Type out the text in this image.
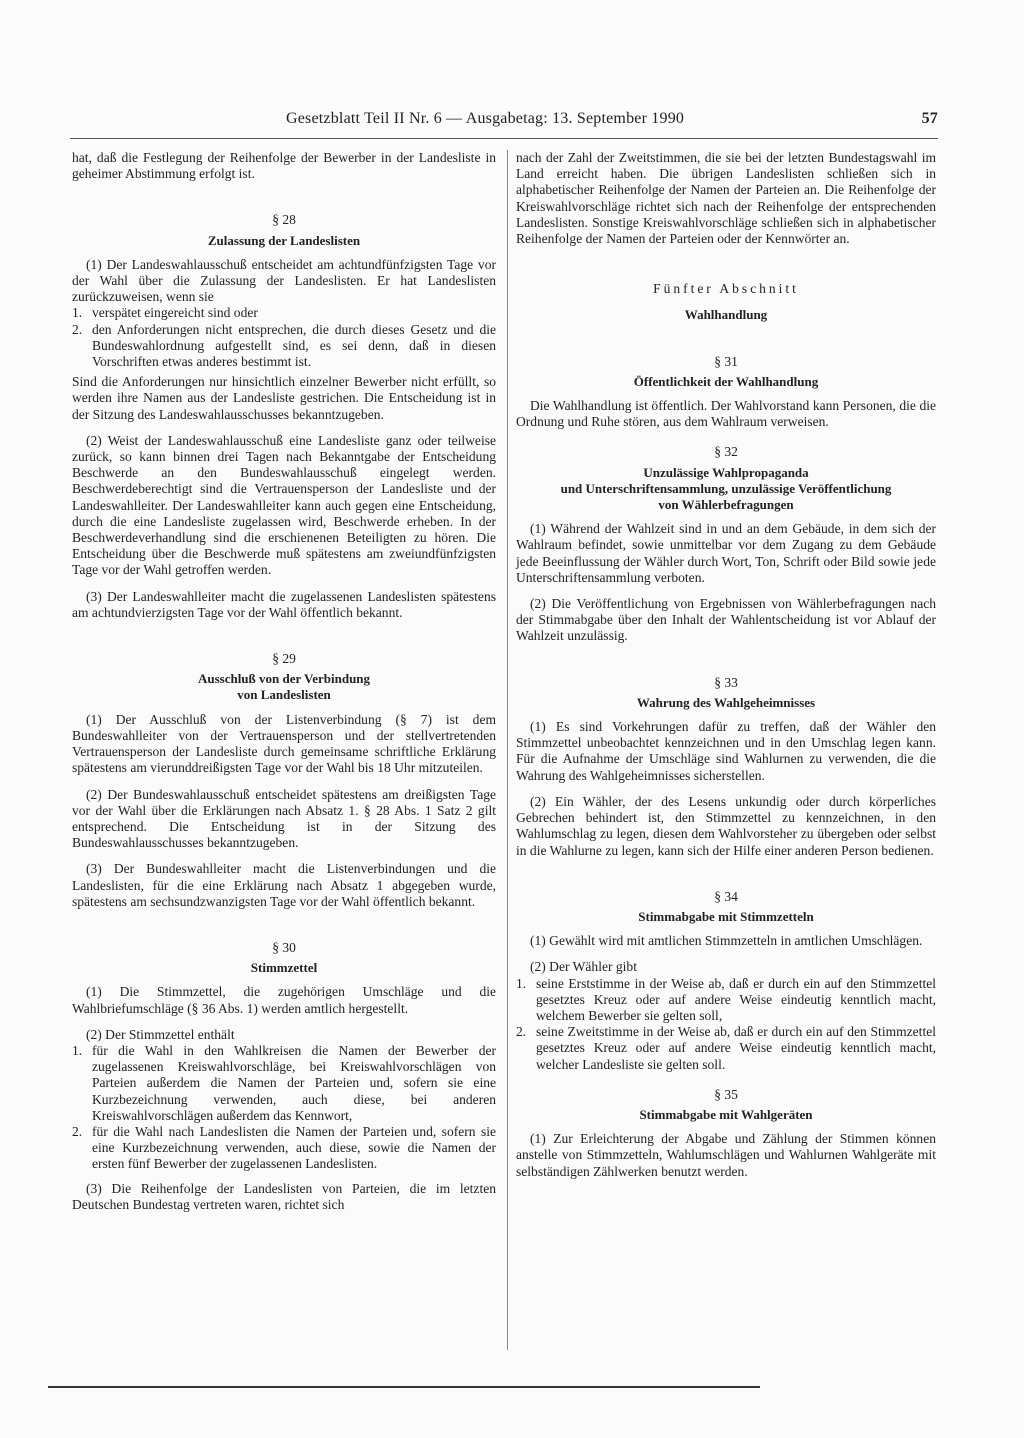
Gesetzblatt Teil II Nr. 6 — Ausgabetag: 13. September 1990	57

hat, daß die Festlegung der Reihenfolge der Bewerber in der Landesliste in geheimer Abstimmung erfolgt ist.

§ 28
Zulassung der Landeslisten

(1) Der Landeswahlausschuß entscheidet am achtundfünfzigsten Tage vor der Wahl über die Zulassung der Landeslisten. Er hat Landeslisten zurückzuweisen, wenn sie

1. verspätet eingereicht sind oder
2. den Anforderungen nicht entsprechen, die durch dieses Gesetz und die Bundeswahlordnung aufgestellt sind, es sei denn, daß in diesen Vorschriften etwas anderes bestimmt ist.

Sind die Anforderungen nur hinsichtlich einzelner Bewerber nicht erfüllt, so werden ihre Namen aus der Landesliste gestrichen. Die Entscheidung ist in der Sitzung des Landeswahlausschusses bekanntzugeben.

(2) Weist der Landeswahlausschuß eine Landesliste ganz oder teilweise zurück, so kann binnen drei Tagen nach Bekanntgabe der Entscheidung Beschwerde an den Bundeswahlausschuß eingelegt werden. Beschwerdeberechtigt sind die Vertrauensperson der Landesliste und der Landeswahlleiter. Der Landeswahlleiter kann auch gegen eine Entscheidung, durch die eine Landesliste zugelassen wird, Beschwerde erheben. In der Beschwerdeverhandlung sind die erschienenen Beteiligten zu hören. Die Entscheidung über die Beschwerde muß spätestens am zweiundfünfzigsten Tage vor der Wahl getroffen werden.

(3) Der Landeswahlleiter macht die zugelassenen Landeslisten spätestens am achtundvierzigsten Tage vor der Wahl öffentlich bekannt.

§ 29
Ausschluß von der Verbindung
von Landeslisten

(1) Der Ausschluß von der Listenverbindung (§ 7) ist dem Bundeswahlleiter von der Vertrauensperson und der stellvertretenden Vertrauensperson der Landesliste durch gemeinsame schriftliche Erklärung spätestens am vierunddreißigsten Tage vor der Wahl bis 18 Uhr mitzuteilen.

(2) Der Bundeswahlausschuß entscheidet spätestens am dreißigsten Tage vor der Wahl über die Erklärungen nach Absatz 1. § 28 Abs. 1 Satz 2 gilt entsprechend. Die Entscheidung ist in der Sitzung des Bundeswahlausschusses bekanntzugeben.

(3) Der Bundeswahlleiter macht die Listenverbindungen und die Landeslisten, für die eine Erklärung nach Absatz 1 abgegeben wurde, spätestens am sechsundzwanzigsten Tage vor der Wahl öffentlich bekannt.

§ 30
Stimmzettel

(1) Die Stimmzettel, die zugehörigen Umschläge und die Wahlbriefumschläge (§ 36 Abs. 1) werden amtlich hergestellt.

(2) Der Stimmzettel enthält

1. für die Wahl in den Wahlkreisen die Namen der Bewerber der zugelassenen Kreiswahlvorschläge, bei Kreiswahlvorschlägen von Parteien außerdem die Namen der Parteien und, sofern sie eine Kurzbezeichnung verwenden, auch diese, bei anderen Kreiswahlvorschlägen außerdem das Kennwort,
2. für die Wahl nach Landeslisten die Namen der Parteien und, sofern sie eine Kurzbezeichnung verwenden, auch diese, sowie die Namen der ersten fünf Bewerber der zugelassenen Landeslisten.

(3) Die Reihenfolge der Landeslisten von Parteien, die im letzten Deutschen Bundestag vertreten waren, richtet sich

nach der Zahl der Zweitstimmen, die sie bei der letzten Bundestagswahl im Land erreicht haben. Die übrigen Landeslisten schließen sich in alphabetischer Reihenfolge der Namen der Parteien an. Die Reihenfolge der Kreiswahlvorschläge richtet sich nach der Reihenfolge der entsprechenden Landeslisten. Sonstige Kreiswahlvorschläge schließen sich in alphabetischer Reihenfolge der Namen der Parteien oder der Kennwörter an.

Fünfter Abschnitt
Wahlhandlung
§ 31
Öffentlichkeit der Wahlhandlung

Die Wahlhandlung ist öffentlich. Der Wahlvorstand kann Personen, die die Ordnung und Ruhe stören, aus dem Wahlraum verweisen.

§ 32
Unzulässige Wahlpropaganda
und Unterschriftensammlung, unzulässige Veröffentlichung
von Wählerbefragungen

(1) Während der Wahlzeit sind in und an dem Gebäude, in dem sich der Wahlraum befindet, sowie unmittelbar vor dem Zugang zu dem Gebäude jede Beeinflussung der Wähler durch Wort, Ton, Schrift oder Bild sowie jede Unterschriftensammlung verboten.

(2) Die Veröffentlichung von Ergebnissen von Wählerbefragungen nach der Stimmabgabe über den Inhalt der Wahlentscheidung ist vor Ablauf der Wahlzeit unzulässig.

§ 33
Wahrung des Wahlgeheimnisses

(1) Es sind Vorkehrungen dafür zu treffen, daß der Wähler den Stimmzettel unbeobachtet kennzeichnen und in den Umschlag legen kann. Für die Aufnahme der Umschläge sind Wahlurnen zu verwenden, die die Wahrung des Wahlgeheimnisses sicherstellen.

(2) Ein Wähler, der des Lesens unkundig oder durch körperliches Gebrechen behindert ist, den Stimmzettel zu kennzeichnen, in den Wahlumschlag zu legen, diesen dem Wahlvorsteher zu übergeben oder selbst in die Wahlurne zu legen, kann sich der Hilfe einer anderen Person bedienen.

§ 34
Stimmabgabe mit Stimmzetteln

(1) Gewählt wird mit amtlichen Stimmzetteln in amtlichen Umschlägen.

(2) Der Wähler gibt

1. seine Erststimme in der Weise ab, daß er durch ein auf den Stimmzettel gesetztes Kreuz oder auf andere Weise eindeutig kenntlich macht, welchem Bewerber sie gelten soll,
2. seine Zweitstimme in der Weise ab, daß er durch ein auf den Stimmzettel gesetztes Kreuz oder auf andere Weise eindeutig kenntlich macht, welcher Landesliste sie gelten soll.
§ 35
Stimmabgabe mit Wahlgeräten

(1) Zur Erleichterung der Abgabe und Zählung der Stimmen können anstelle von Stimmzetteln, Wahlumschlägen und Wahlurnen Wahlgeräte mit selbständigen Zählwerken benutzt werden.
